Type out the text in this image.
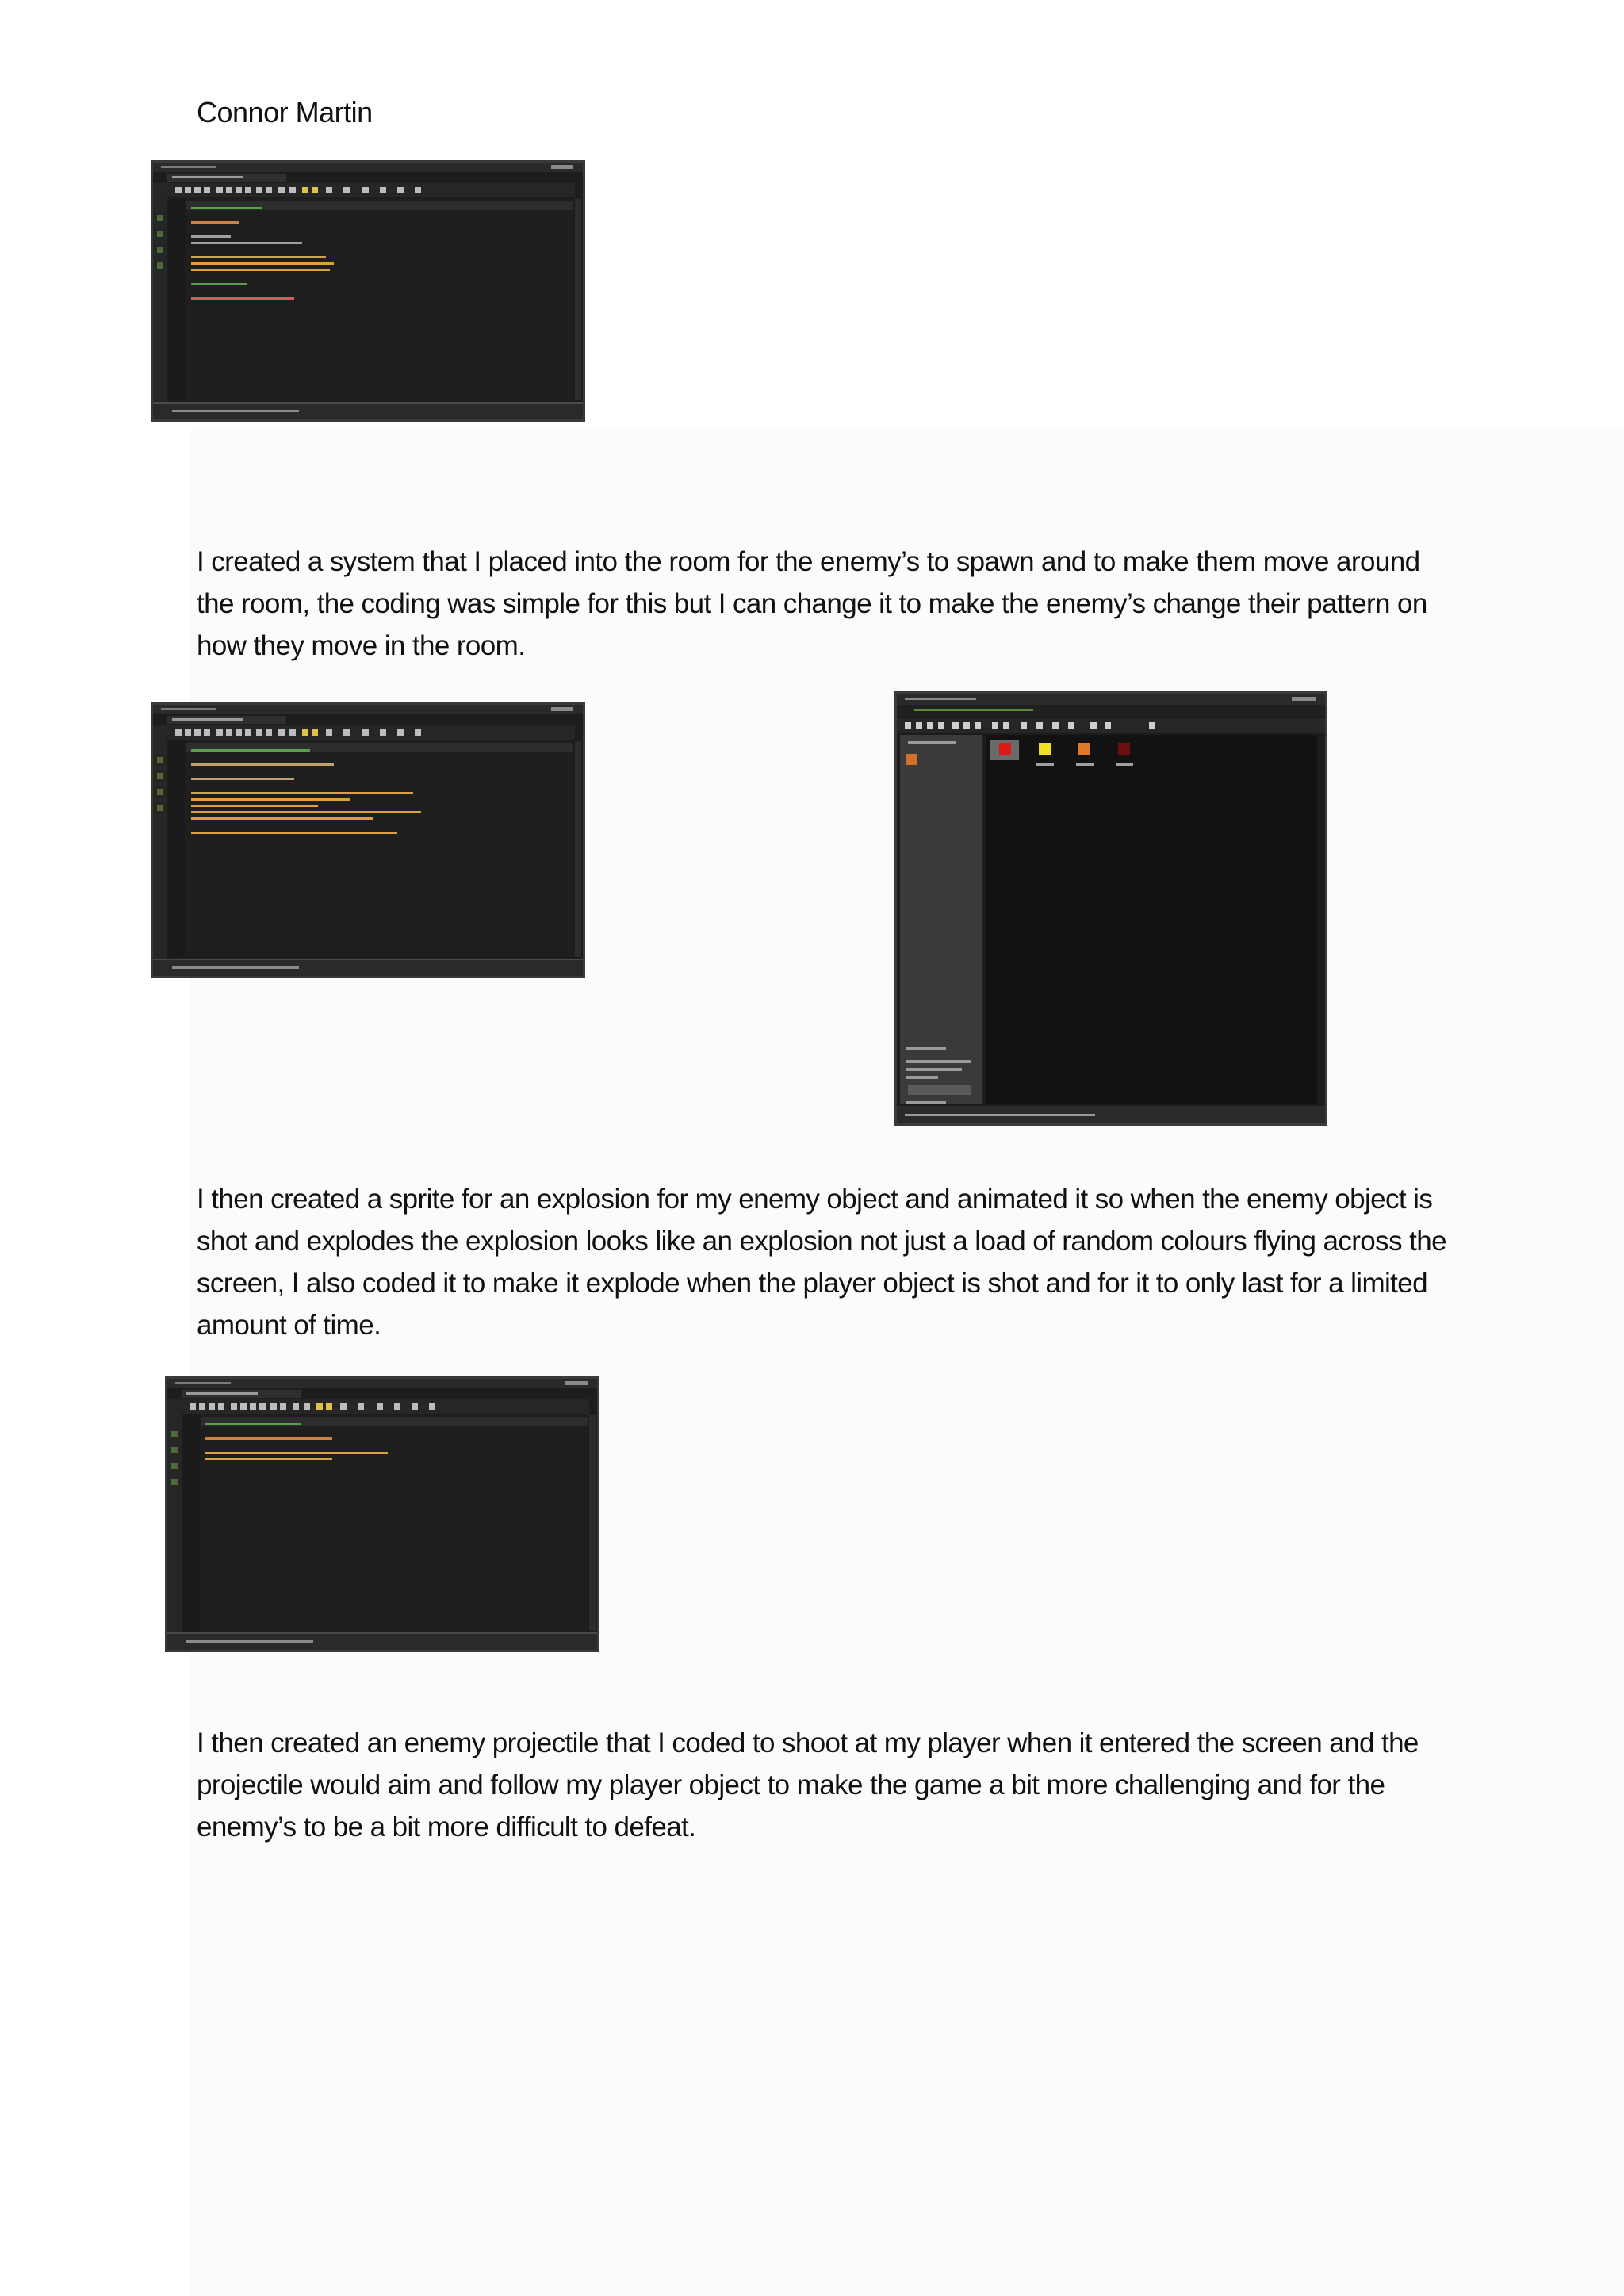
Connor Martin

I created a system that I placed into the room for the enemy’s to spawn and to make them move around the room, the coding was simple for this but I can change it to make the enemy’s change their pattern on how they move in the room.

I then created a sprite for an explosion for my enemy object and animated it so when the enemy object is shot and explodes the explosion looks like an explosion not just a load of random colours flying across the screen, I also coded it to make it explode when the player object is shot and for it to only last for a limited amount of time.

I then created an enemy projectile that I coded to shoot at my player when it entered the screen and the projectile would aim and follow my player object to make the game a bit more challenging and for the enemy’s to be a bit more difficult to defeat.
